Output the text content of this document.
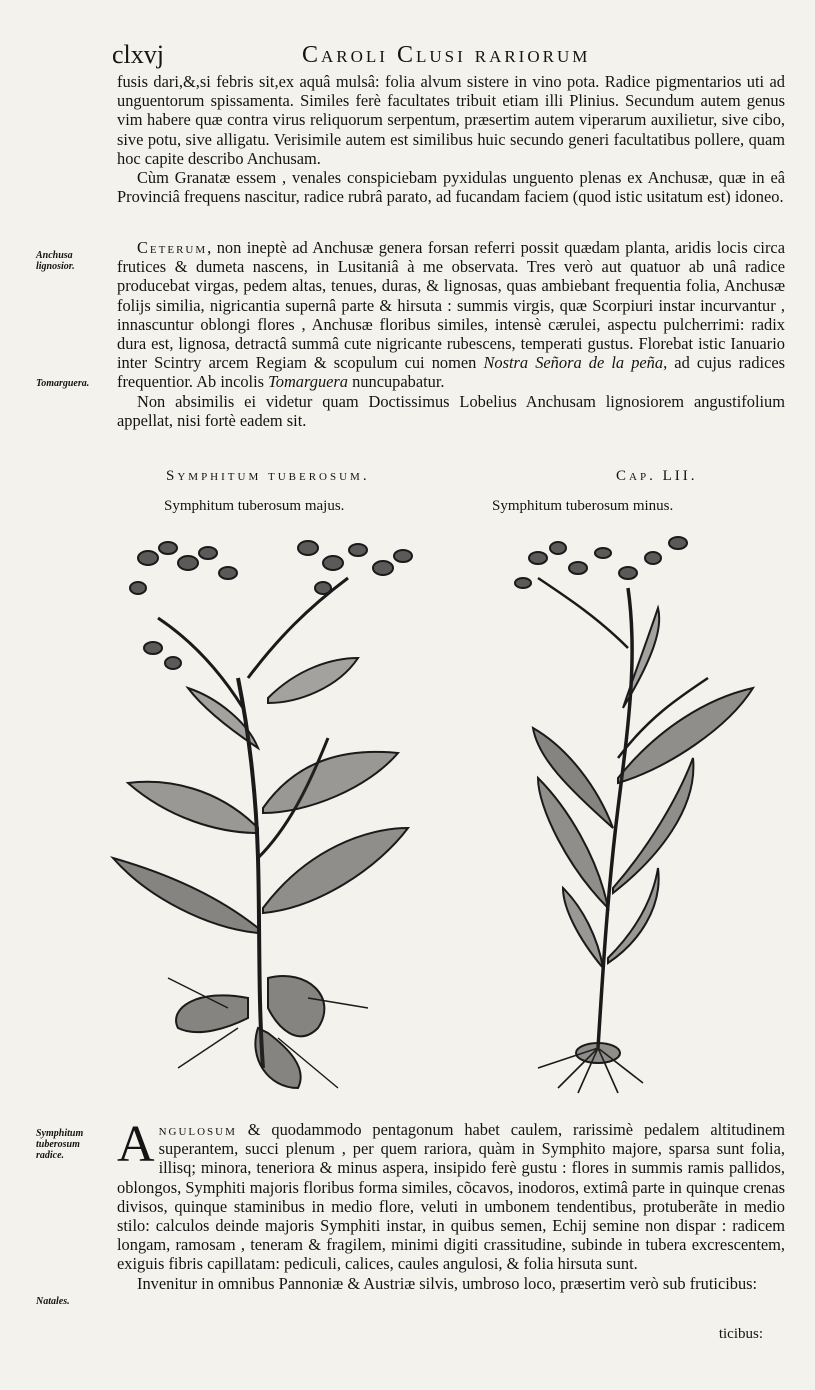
clxvj	Caroli Clusi rariorum

fusis dari,&,si febris sit,ex aquâ mulsâ: folia alvum sistere in vino pota. Radice pigmentarios uti ad unguentorum spissamenta. Similes ferè facultates tribuit etiam illi Plinius. Secundum autem genus vim habere quæ contra virus reliquorum serpentum, præsertim autem viperarum auxilietur, sive cibo, sive potu, sive alligatu. Verisimile autem est similibus huic secundo generi facultatibus pollere, quam hoc capite describo Anchusam.

Cùm Granatæ essem , venales conspiciebam pyxidulas unguento plenas ex Anchusæ, quæ in eâ Provinciâ frequens nascitur, radice rubrâ parato, ad fucandam faciem (quod istic usitatum est) idoneo.

Anchusa lignosior.
Tomarguera.

Ceterum, non ineptè ad Anchusæ genera forsan referri possit quædam planta, aridis locis circa frutices & dumeta nascens, in Lusitaniâ à me observata. Tres verò aut quatuor ab unâ radice producebat virgas, pedem altas, tenues, duras, & lignosas, quas ambiebant frequentia folia, Anchusæ folijs similia, nigricantia supernâ parte & hirsuta : summis virgis, quæ Scorpiuri instar incurvantur , innascuntur oblongi flores , Anchusæ floribus similes, intensè cærulei, aspectu pulcherrimi: radix dura est, lignosa, detractâ summâ cute nigricante rubescens, temperati gustus. Florebat istic Ianuario inter Scintry arcem Regiam & scopulum cui nomen Nostra Señora de la peña, ad cujus radices frequentior. Ab incolis Tomarguera nuncupabatur.

Non absimilis ei videtur quam Doctissimus Lobelius Anchusam lignosiorem angustifolium appellat, nisi fortè eadem sit.

Symphitum tuberosum.	Cap. LII.
Symphitum tuberosum majus.	Symphitum tuberosum minus.
Symphitum tuberosum radice.
Natales.

Angulosum & quodammodo pentagonum habet caulem, rarissimè pedalem altitudinem superantem, succi plenum , per quem rariora, quàm in Symphito majore, sparsa sunt folia, illisq; minora, teneriora & minus aspera, insipido ferè gustu : flores in summis ramis pallidos, oblongos, Symphiti majoris floribus forma similes, cõcavos, inodoros, extimâ parte in quinque crenas divisos, quinque staminibus in medio flore, veluti in umbonem tendentibus, protuberãte in medio stilo: calculos deinde majoris Symphiti instar, in quibus semen, Echij semine non dispar : radicem longam, ramosam , teneram & fragilem, minimi digiti crassitudine, subinde in tubera excrescentem, exiguis fibris capillatam: pediculi, calices, caules angulosi, & folia hirsuta sunt.

Invenitur in omnibus Pannoniæ & Austriæ silvis, umbroso loco, præsertim verò sub fruticibus:

ticibus:
